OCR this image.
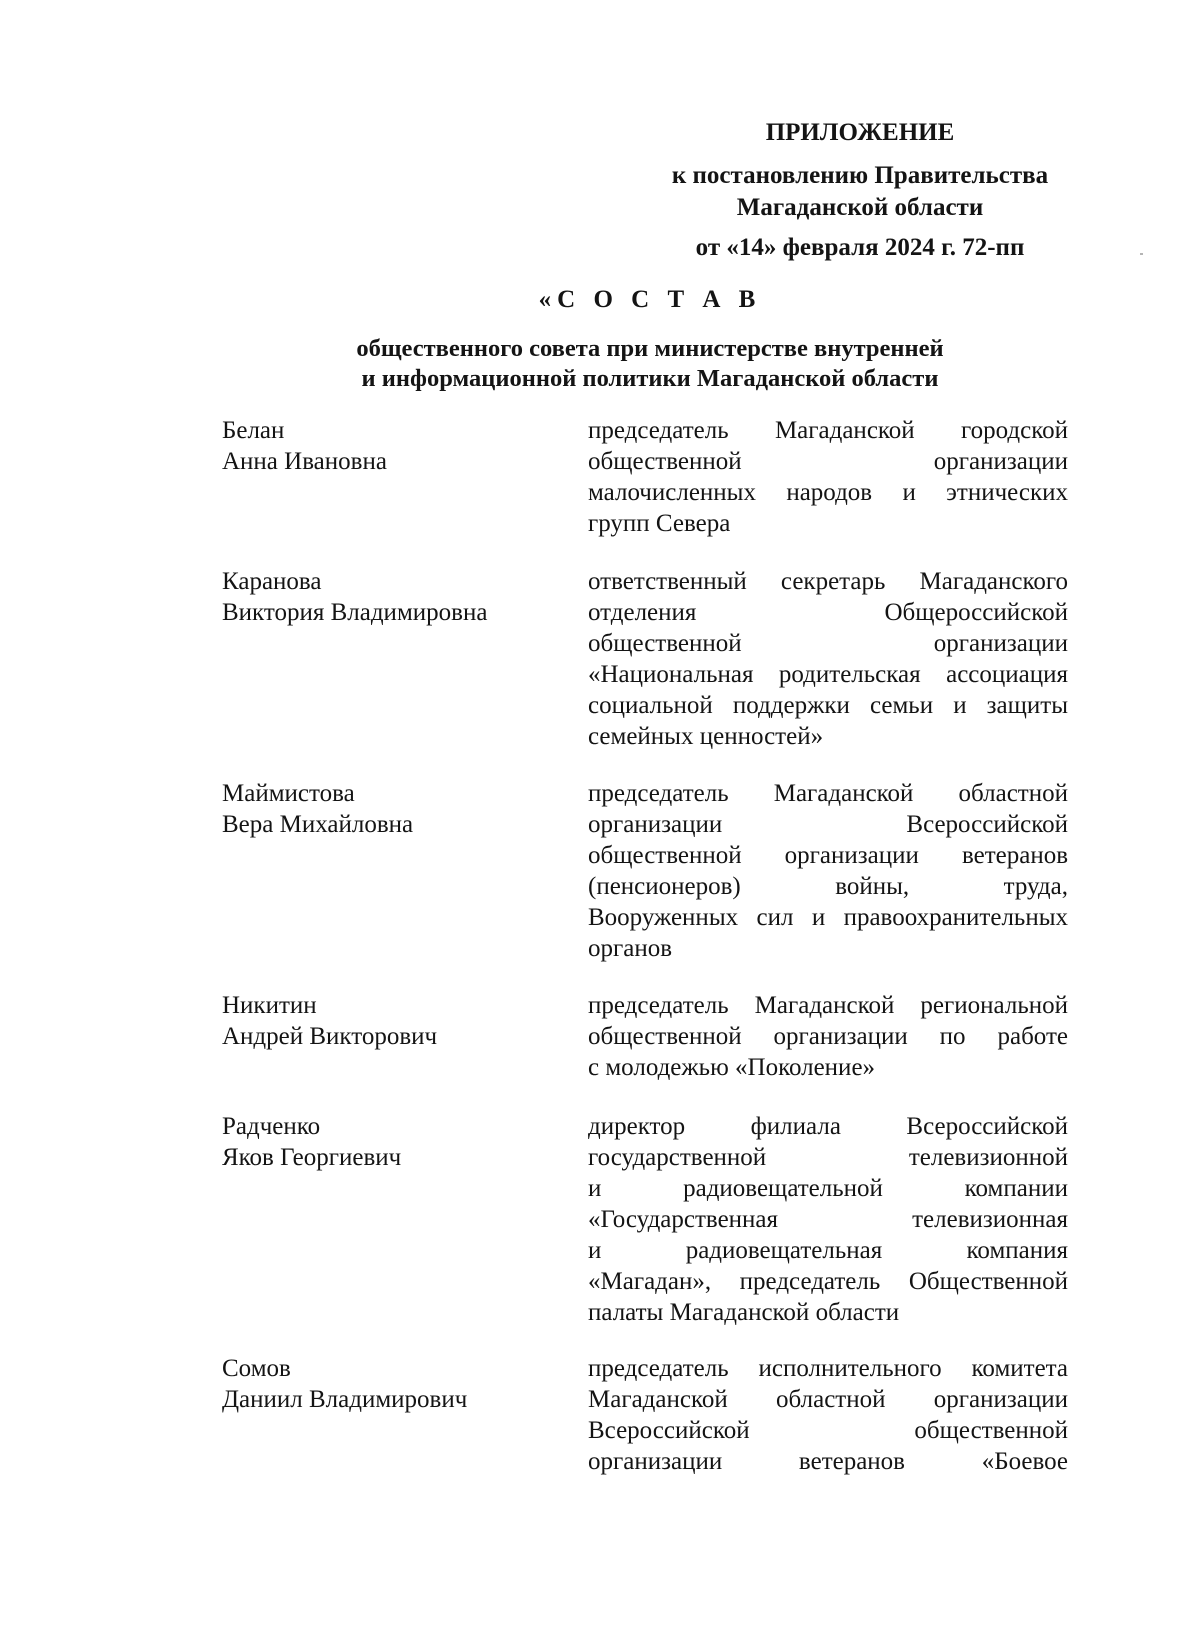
ПРИЛОЖЕНИЕ
к постановлению Правительства
Магаданской области
от «14» февраля 2024 г. 72-пп
«С О С Т А В
общественного совета при министерстве внутренней
и информационной политики Магаданской области
Белан
Анна Ивановна
председатель Магаданской городской
общественной организации
малочисленных народов и этнических
групп Севера
Каранова
Виктория Владимировна
ответственный секретарь Магаданского
отделения Общероссийской
общественной организации
«Национальная родительская ассоциация
социальной поддержки семьи и защиты
семейных ценностей»
Маймистова
Вера Михайловна
председатель Магаданской областной
организации Всероссийской
общественной организации ветеранов
(пенсионеров) войны, труда,
Вооруженных сил и правоохранительных
органов
Никитин
Андрей Викторович
председатель Магаданской региональной
общественной организации по работе
с молодежью «Поколение»
Радченко
Яков Георгиевич
директор филиала Всероссийской
государственной телевизионной
и радиовещательной компании
«Государственная телевизионная
и радиовещательная компания
«Магадан», председатель Общественной
палаты Магаданской области
Сомов
Даниил Владимирович
председатель исполнительного комитета
Магаданской областной организации
Всероссийской общественной
организации ветеранов «Боевое
